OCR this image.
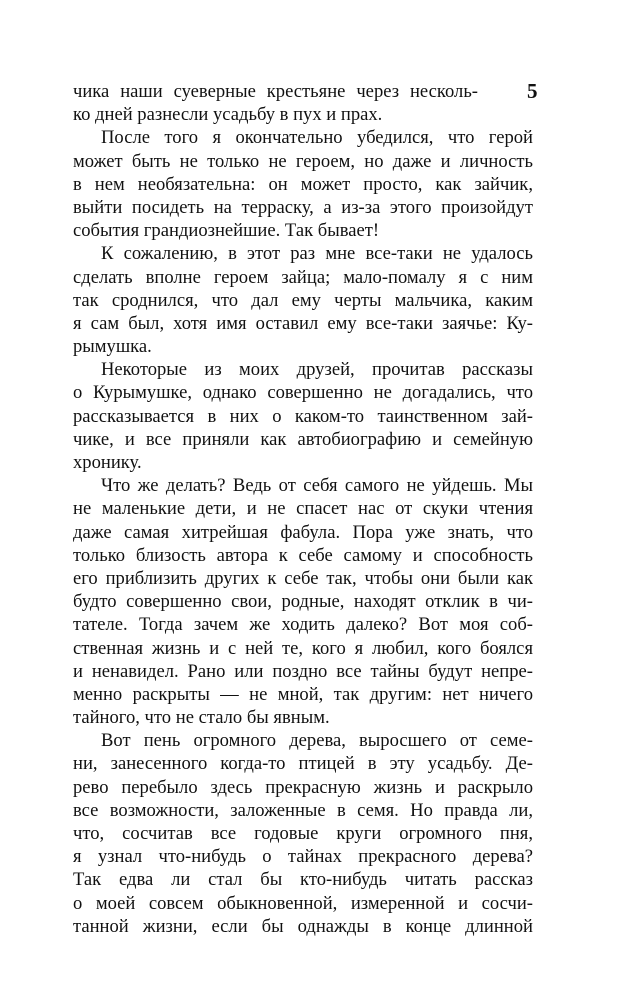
5
чика наши суеверные крестьяне через несколь-
ко дней разнесли усадьбу в пух и прах.
После того я окончательно убедился, что герой
может быть не только не героем, но даже и личность
в нем необязательна: он может просто, как зайчик,
выйти посидеть на терраску, а из-за этого произойдут
события грандиознейшие. Так бывает!
К сожалению, в этот раз мне все-таки не удалось
сделать вполне героем зайца; мало-помалу я с ним
так сроднился, что дал ему черты мальчика, каким
я сам был, хотя имя оставил ему все-таки заячье: Ку-
рымушка.
Некоторые из моих друзей, прочитав рассказы
о Курымушке, однако совершенно не догадались, что
рассказывается в них о каком-то таинственном зай-
чике, и все приняли как автобиографию и семейную
хронику.
Что же делать? Ведь от себя самого не уйдешь. Мы
не маленькие дети, и не спасет нас от скуки чтения
даже самая хитрейшая фабула. Пора уже знать, что
только близость автора к себе самому и способность
его приблизить других к себе так, чтобы они были как
будто совершенно свои, родные, находят отклик в чи-
тателе. Тогда зачем же ходить далеко? Вот моя соб-
ственная жизнь и с ней те, кого я любил, кого боялся
и ненавидел. Рано или поздно все тайны будут непре-
менно раскрыты — не мной, так другим: нет ничего
тайного, что не стало бы явным.
Вот пень огромного дерева, выросшего от семе-
ни, занесенного когда-то птицей в эту усадьбу. Де-
рево перебыло здесь прекрасную жизнь и раскрыло
все возможности, заложенные в семя. Но правда ли,
что, сосчитав все годовые круги огромного пня,
я узнал что-нибудь о тайнах прекрасного дерева?
Так едва ли стал бы кто-нибудь читать рассказ
о моей совсем обыкновенной, измеренной и сосчи-
танной жизни, если бы однажды в конце длинной
